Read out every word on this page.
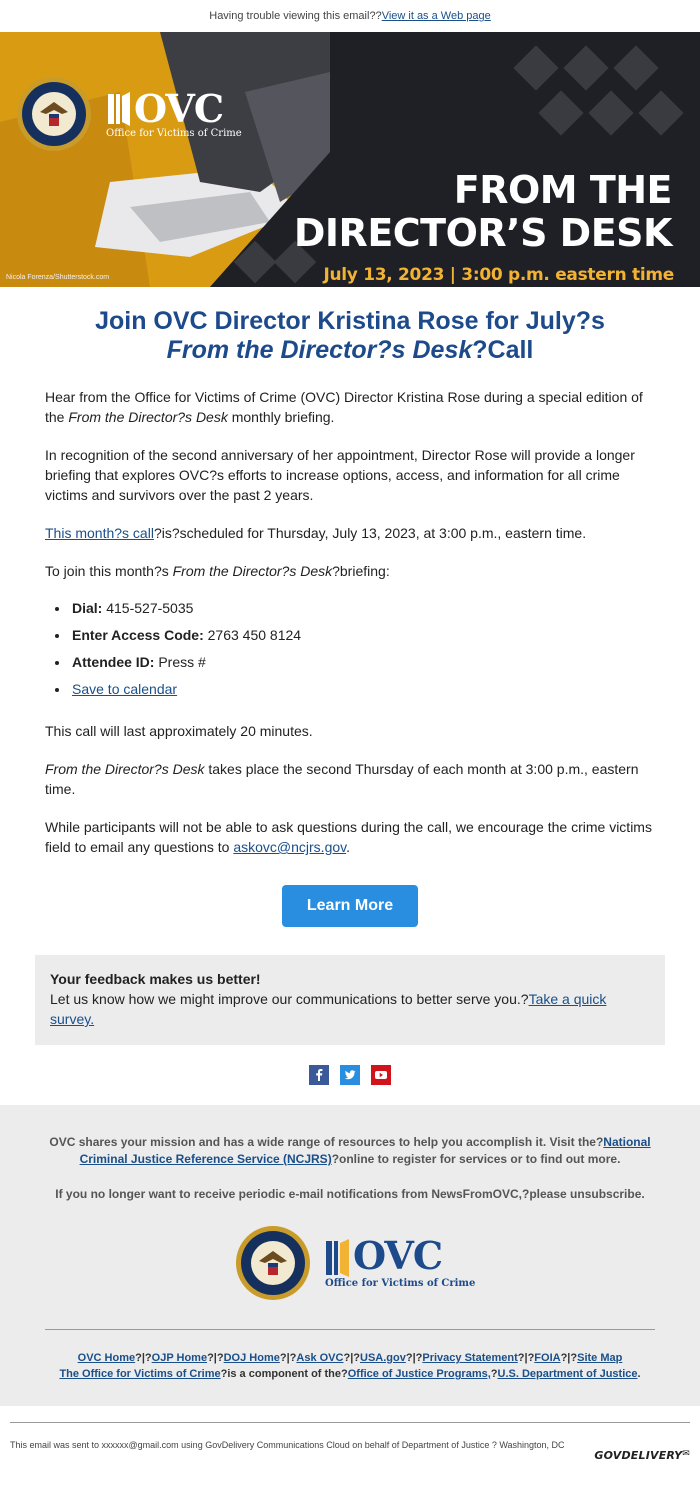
Having trouble viewing this email?? View it as a Web page
OVC
Office for Victims of Crime
FROM THE
DIRECTOR’S DESK
July 13, 2023 | 3:00 p.m. eastern time
Nicola Forenza/Shutterstock.com
Join OVC Director Kristina Rose for July?s
From the Director?s Desk?Call

Hear from the Office for Victims of Crime (OVC) Director Kristina Rose during a special edition of the From the Director?s Desk monthly briefing.

In recognition of the second anniversary of her appointment, Director Rose will provide a longer briefing that explores OVC?s efforts to increase options, access, and information for all crime victims and survivors over the past 2 years.

This month?s call?is?scheduled for Thursday, July 13, 2023, at 3:00 p.m., eastern time.

To join this month?s From the Director?s Desk?briefing:

• Dial: 415-527-5035
• Enter Access Code: 2763 450 8124
• Attendee ID: Press #
• Save to calendar

This call will last approximately 20 minutes.

From the Director?s Desk takes place the second Thursday of each month at 3:00 p.m., eastern time.

While participants will not be able to ask questions during the call, we encourage the crime victims field to email any questions to askovc@ncjrs.gov.

Learn More
Your feedback makes us better!
Let us know how we might improve our communications to better serve you.?Take a quick survey.

OVC shares your mission and has a wide range of resources to help you accomplish it. Visit the?National Criminal Justice Reference Service (NCJRS)?online to register for services or to find out more.

If you no longer want to receive periodic e-mail notifications from NewsFromOVC,?please unsubscribe.

OVC
Office for Victims of Crime
OVC Home?|?OJP Home?|?DOJ Home?|?Ask OVC?|?USA.gov?|?Privacy Statement?|?FOIA?|?Site Map
The Office for Victims of Crime?is a component of the?Office of Justice Programs,?U.S. Department of Justice.
This email was sent to xxxxxx@gmail.com using GovDelivery Communications Cloud on behalf of Department of Justice ? Washington, DC
GOVDELIVERY✉
